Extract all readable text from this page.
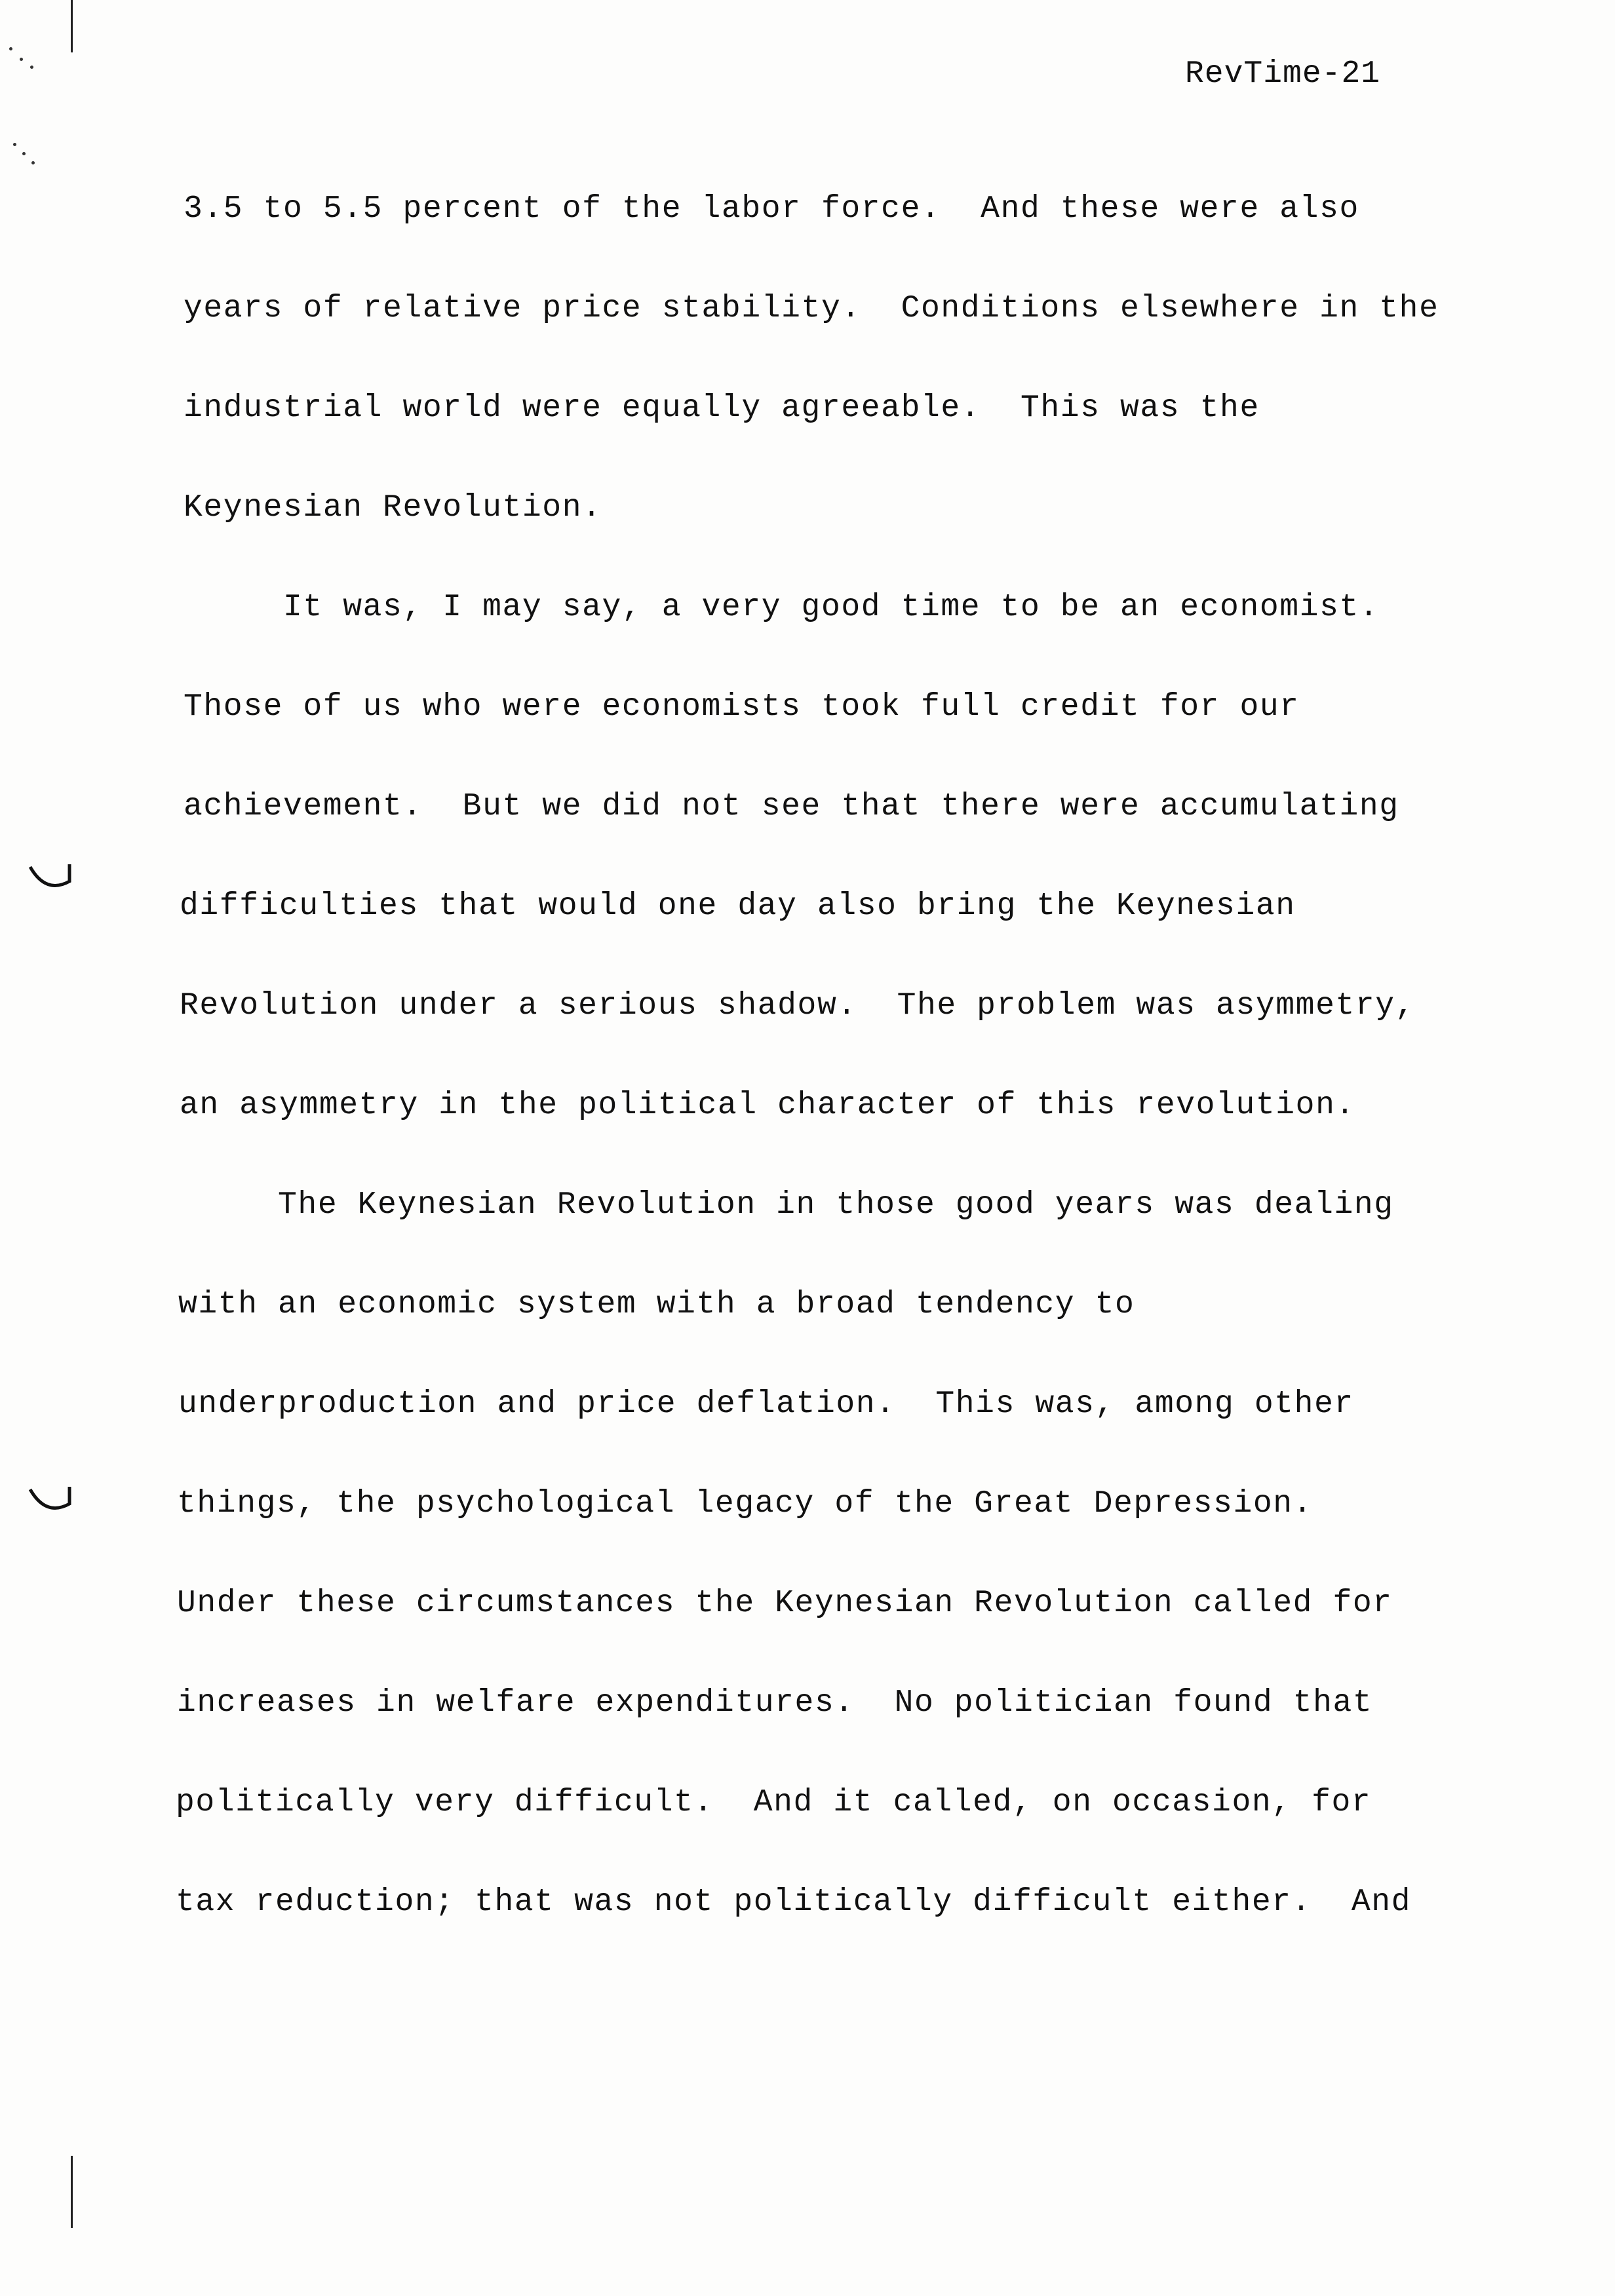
RevTime-21
3.5 to 5.5 percent of the labor force.  And these were also
years of relative price stability.  Conditions elsewhere in the
industrial world were equally agreeable.  This was the
Keynesian Revolution.
It was, I may say, a very good time to be an economist.
Those of us who were economists took full credit for our
achievement.  But we did not see that there were accumulating
difficulties that would one day also bring the Keynesian
Revolution under a serious shadow.  The problem was asymmetry,
an asymmetry in the political character of this revolution.
The Keynesian Revolution in those good years was dealing
with an economic system with a broad tendency to
underproduction and price deflation.  This was, among other
things, the psychological legacy of the Great Depression.
Under these circumstances the Keynesian Revolution called for
increases in welfare expenditures.  No politician found that
politically very difficult.  And it called, on occasion, for
tax reduction; that was not politically difficult either.  And
